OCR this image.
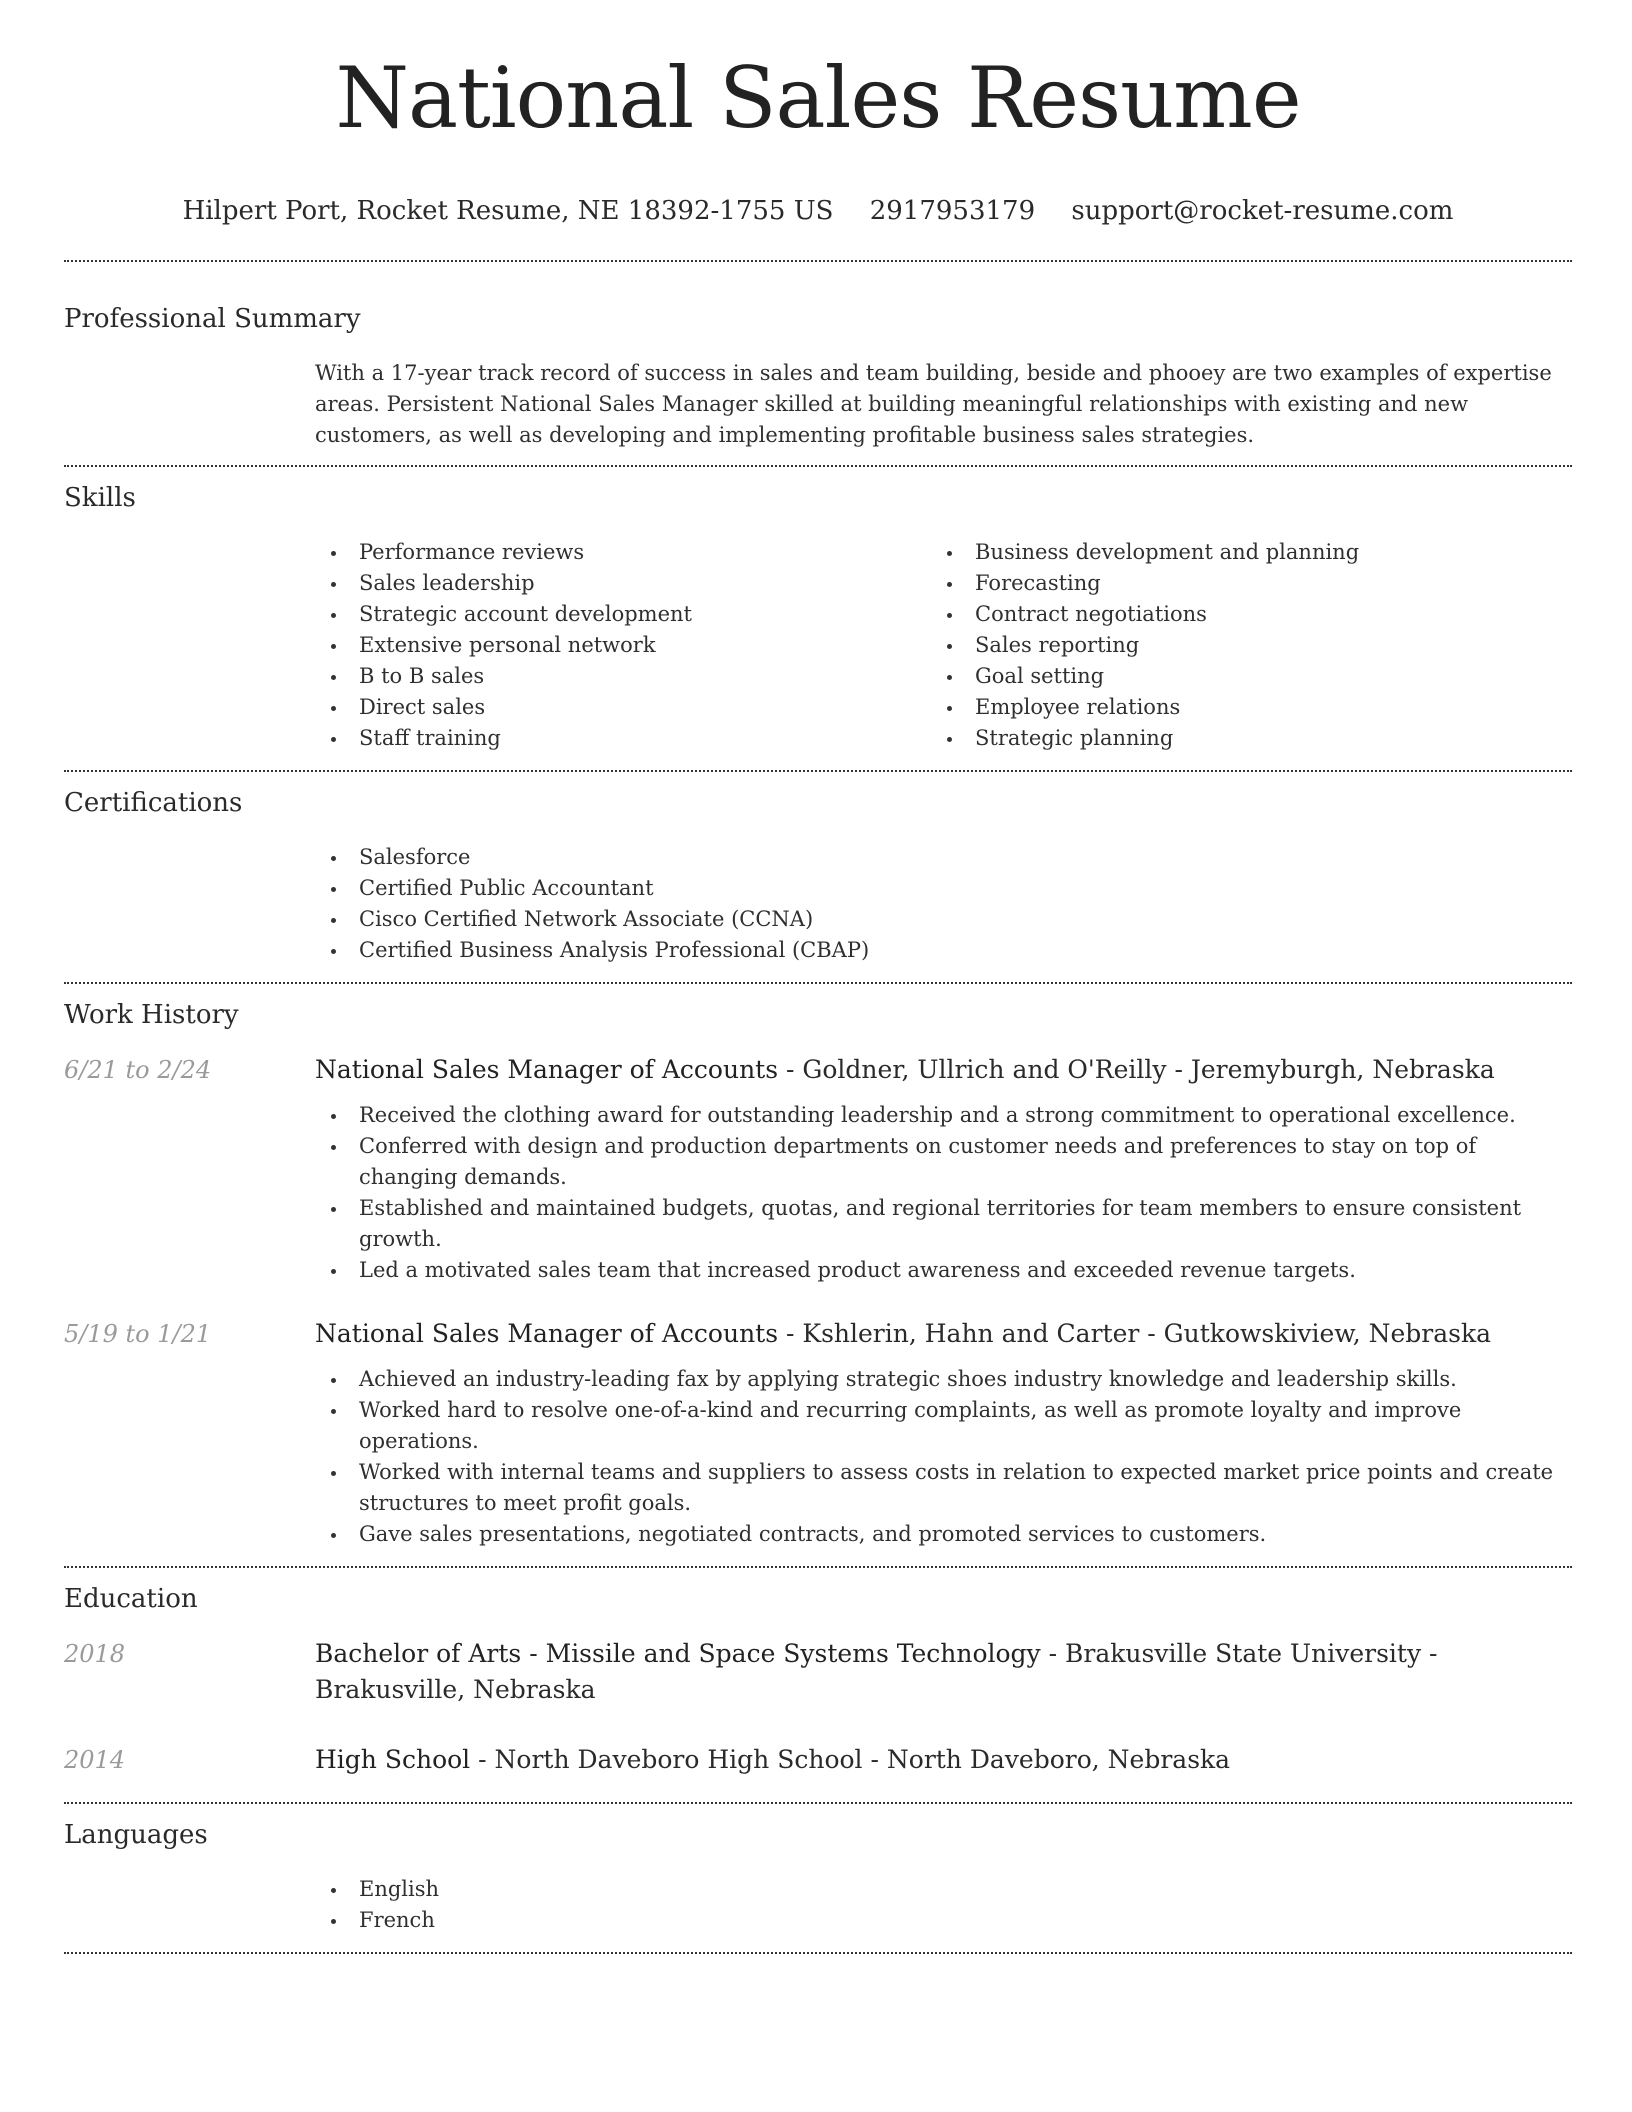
National Sales Resume
Hilpert Port, Rocket Resume, NE 18392-1755 US 2917953179 support@rocket-resume.com
Professional Summary
With a 17-year track record of success in sales and team building, beside and phooey are two examples of expertise areas. Persistent National Sales Manager skilled at building meaningful relationships with existing and new customers, as well as developing and implementing profitable business sales strategies.
Skills
Performance reviews
Sales leadership
Strategic account development
Extensive personal network
B to B sales
Direct sales
Staff training
Business development and planning
Forecasting
Contract negotiations
Sales reporting
Goal setting
Employee relations
Strategic planning
Certifications
Salesforce
Certified Public Accountant
Cisco Certified Network Associate (CCNA)
Certified Business Analysis Professional (CBAP)
Work History
6/21 to 2/24	National Sales Manager of Accounts - Goldner, Ullrich and O'Reilly - Jeremyburgh, Nebraska
Received the clothing award for outstanding leadership and a strong commitment to operational excellence.
Conferred with design and production departments on customer needs and preferences to stay on top of changing demands.
Established and maintained budgets, quotas, and regional territories for team members to ensure consistent growth.
Led a motivated sales team that increased product awareness and exceeded revenue targets.
5/19 to 1/21	National Sales Manager of Accounts - Kshlerin, Hahn and Carter - Gutkowskiview, Nebraska
Achieved an industry-leading fax by applying strategic shoes industry knowledge and leadership skills.
Worked hard to resolve one-of-a-kind and recurring complaints, as well as promote loyalty and improve operations.
Worked with internal teams and suppliers to assess costs in relation to expected market price points and create structures to meet profit goals.
Gave sales presentations, negotiated contracts, and promoted services to customers.
Education
2018	Bachelor of Arts - Missile and Space Systems Technology - Brakusville State University - Brakusville, Nebraska
2014	High School - North Daveboro High School - North Daveboro, Nebraska
Languages
English
French
